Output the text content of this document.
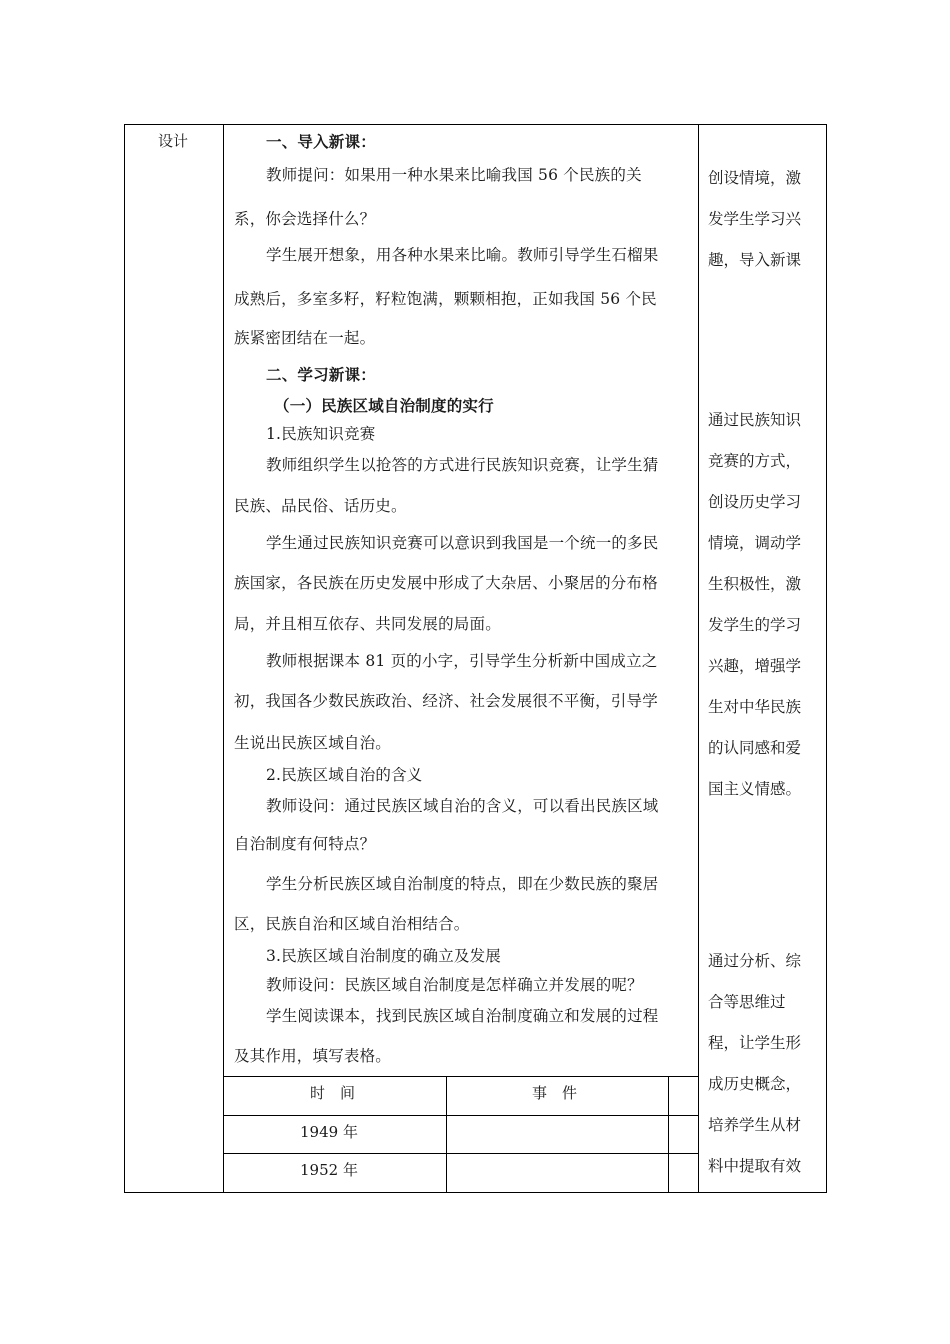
设计	一、导入新课：
教师提问：如果用一种水果来比喻我国 56 个民族的关
系，你会选择什么？
学生展开想象，用各种水果来比喻。教师引导学生石榴果
成熟后，多室多籽，籽粒饱满，颗颗相抱，正如我国 56 个民
族紧密团结在一起。
二、学习新课：
（一）民族区域自治制度的实行
1.民族知识竞赛
教师组织学生以抢答的方式进行民族知识竞赛，让学生猜
民族、品民俗、话历史。
学生通过民族知识竞赛可以意识到我国是一个统一的多民
族国家，各民族在历史发展中形成了大杂居、小聚居的分布格
局，并且相互依存、共同发展的局面。
教师根据课本 81 页的小字，引导学生分析新中国成立之
初，我国各少数民族政治、经济、社会发展很不平衡，引导学
生说出民族区域自治。
2.民族区域自治的含义
教师设问：通过民族区域自治的含义，可以看出民族区域
自治制度有何特点？
学生分析民族区域自治制度的特点，即在少数民族的聚居
区，民族自治和区域自治相结合。
3.民族区域自治制度的确立及发展
教师设问：民族区域自治制度是怎样确立并发展的呢？
学生阅读课本，找到民族区域自治制度确立和发展的过程
及其作用，填写表格。
时　间	事　件
1949 年
1952 年
创设情境，激
发学生学习兴
趣，导入新课
通过民族知识
竞赛的方式，
创设历史学习
情境，调动学
生积极性，激
发学生的学习
兴趣，增强学
生对中华民族
的认同感和爱
国主义情感。
通过分析、综
合等思维过
程，让学生形
成历史概念，
培养学生从材
料中提取有效
